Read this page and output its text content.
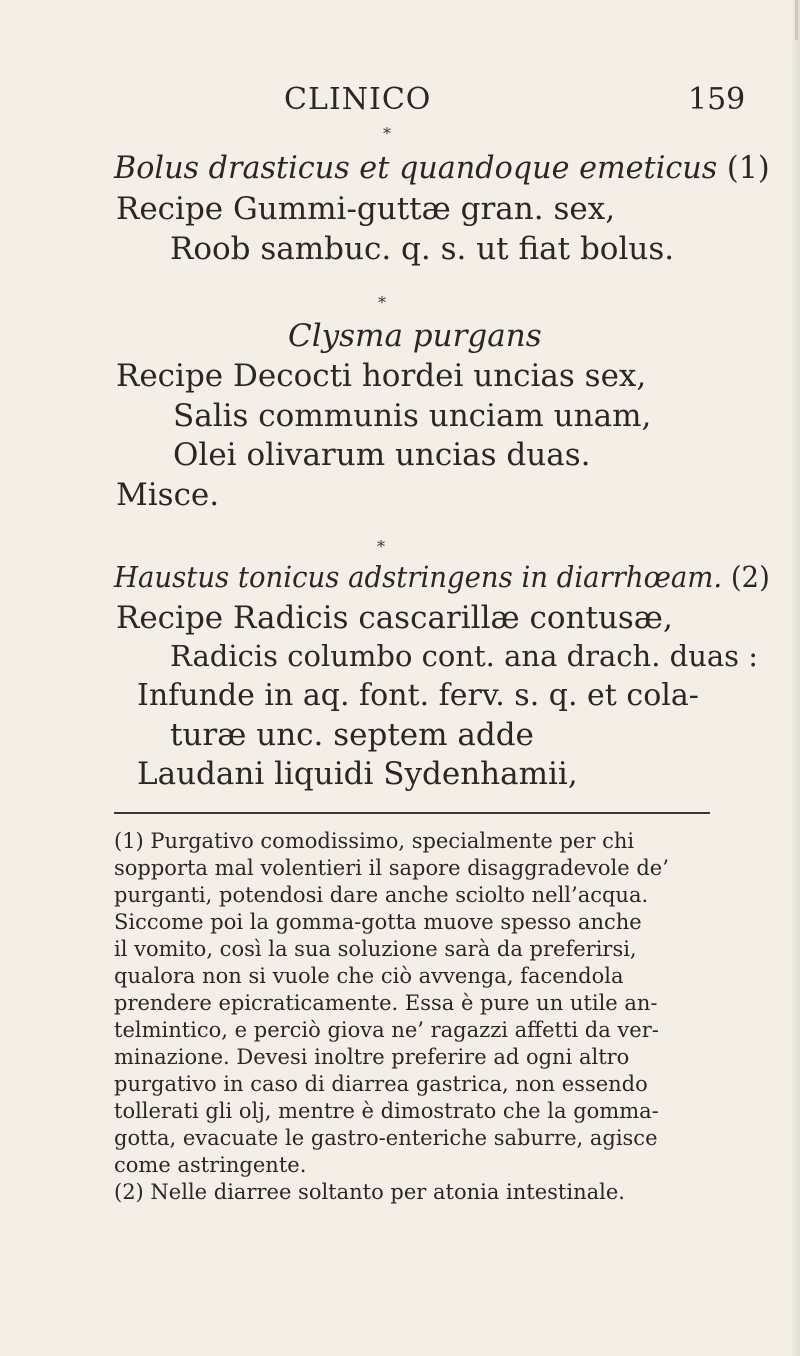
CLINICO	159
*
Bolus drasticus et quandoque emeticus (1)
Recipe Gummi-guttæ gran. sex,
Roob sambuc. q. s. ut fiat bolus.
*
Clysma purgans
Recipe Decocti hordei uncias sex,
Salis communis unciam unam,
Olei olivarum uncias duas.
Misce.
*
Haustus tonicus adstringens in diarrhœam. (2)
Recipe Radicis cascarillæ contusæ,
Radicis columbo cont. ana drach. duas :
Infunde in aq. font. ferv. s. q. et cola-
turæ unc. septem adde
Laudani liquidi Sydenhamii,
(1) Purgativo comodissimo, specialmente per chi
sopporta mal volentieri il sapore disaggradevole de’
purganti, potendosi dare anche sciolto nell’acqua.
Siccome poi la gomma-gotta muove spesso anche
il vomito, così la sua soluzione sarà da preferirsi,
qualora non si vuole che ciò avvenga, facendola
prendere epicraticamente. Essa è pure un utile an-
telmintico, e perciò giova ne’ ragazzi affetti da ver-
minazione. Devesi inoltre preferire ad ogni altro
purgativo in caso di diarrea gastrica, non essendo
tollerati gli olj, mentre è dimostrato che la gomma-
gotta, evacuate le gastro-enteriche saburre, agisce
come astringente.
(2) Nelle diarree soltanto per atonia intestinale.
